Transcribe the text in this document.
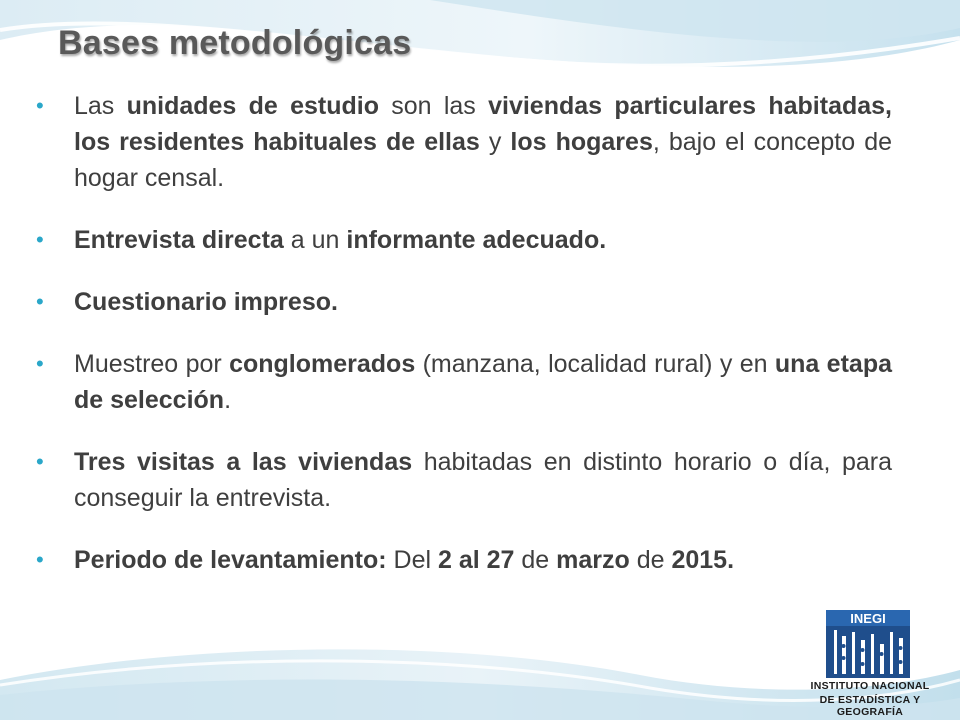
Bases metodológicas
• Las unidades de estudio son las viviendas particulares habitadas, los residentes habituales de ellas y los hogares, bajo el concepto de hogar censal.
• Entrevista directa a un informante adecuado.
• Cuestionario impreso.
• Muestreo por conglomerados (manzana, localidad rural) y en una etapa de selección.
• Tres visitas a las viviendas habitadas en distinto horario o día, para conseguir la entrevista.
• Periodo de levantamiento: Del 2 al 27 de marzo de 2015.
INEGI
INSTITUTO NACIONAL
DE ESTADÍSTICA Y GEOGRAFÍA
